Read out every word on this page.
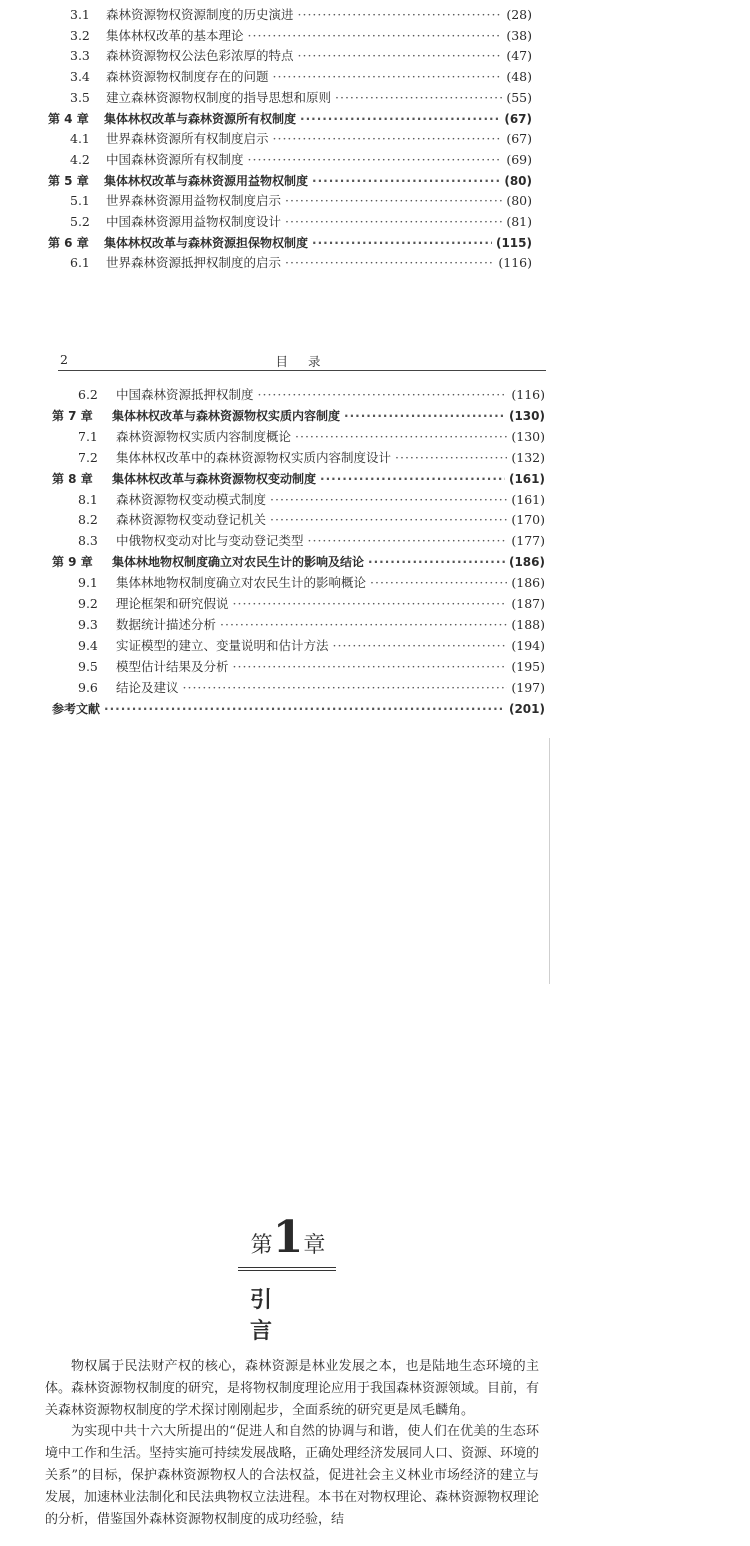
3.1	森林资源物权资源制度的历史演进 ·····	(28)
3.2	集体林权改革的基本理论 ·····	(38)
3.3	森林资源物权公法色彩浓厚的特点 ·····	(47)
3.4	森林资源物权制度存在的问题 ·····	(48)
3.5	建立森林资源物权制度的指导思想和原则 ·····	(55)
第 4 章	集体林权改革与森林资源所有权制度 ·····	(67)
4.1	世界森林资源所有权制度启示 ·····	(67)
4.2	中国森林资源所有权制度 ·····	(69)
第 5 章	集体林权改革与森林资源用益物权制度 ·····	(80)
5.1	世界森林资源用益物权制度启示 ·····	(80)
5.2	中国森林资源用益物权制度设计 ·····	(81)
第 6 章	集体林权改革与森林资源担保物权制度 ·····	(115)
6.1	世界森林资源抵押权制度的启示 ·····	(116)
2	目 录
6.2	中国森林资源抵押权制度 ·····	(116)
第 7 章	集体林权改革与森林资源物权实质内容制度 ·····	(130)
7.1	森林资源物权实质内容制度概论 ·····	(130)
7.2	集体林权改革中的森林资源物权实质内容制度设计 ·····	(132)
第 8 章	集体林权改革与森林资源物权变动制度 ·····	(161)
8.1	森林资源物权变动模式制度 ·····	(161)
8.2	森林资源物权变动登记机关 ·····	(170)
8.3	中俄物权变动对比与变动登记类型 ·····	(177)
第 9 章	集体林地物权制度确立对农民生计的影响及结论 ·····	(186)
9.1	集体林地物权制度确立对农民生计的影响概论 ·····	(186)
9.2	理论框架和研究假说 ·····	(187)
9.3	数据统计描述分析 ·····	(188)
9.4	实证模型的建立、变量说明和估计方法 ·····	(194)
9.5	模型估计结果及分析 ·····	(195)
9.6	结论及建议 ·····	(197)
参考文献 ·····	(201)
第1章
引 言

物权属于民法财产权的核心，森林资源是林业发展之本，也是陆地生态环境的主体。森林资源物权制度的研究，是将物权制度理论应用于我国森林资源领域。目前，有关森林资源物权制度的学术探讨刚刚起步，全面系统的研究更是凤毛麟角。

为实现中共十六大所提出的“促进人和自然的协调与和谐，使人们在优美的生态环境中工作和生活。坚持实施可持续发展战略，正确处理经济发展同人口、资源、环境的关系”的目标，保护森林资源物权人的合法权益，促进社会主义林业市场经济的建立与发展，加速林业法制化和民法典物权立法进程。本书在对物权理论、森林资源物权理论的分析，借鉴国外森林资源物权制度的成功经验，结
